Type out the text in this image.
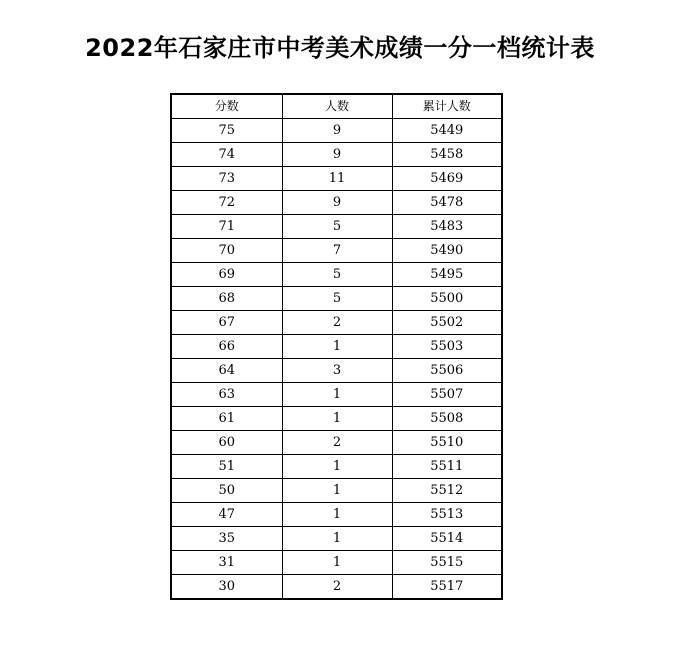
2022年石家庄市中考美术成绩一分一档统计表
分数	人数	累计人数
75	9	5449
74	9	5458
73	11	5469
72	9	5478
71	5	5483
70	7	5490
69	5	5495
68	5	5500
67	2	5502
66	1	5503
64	3	5506
63	1	5507
61	1	5508
60	2	5510
51	1	5511
50	1	5512
47	1	5513
35	1	5514
31	1	5515
30	2	5517
